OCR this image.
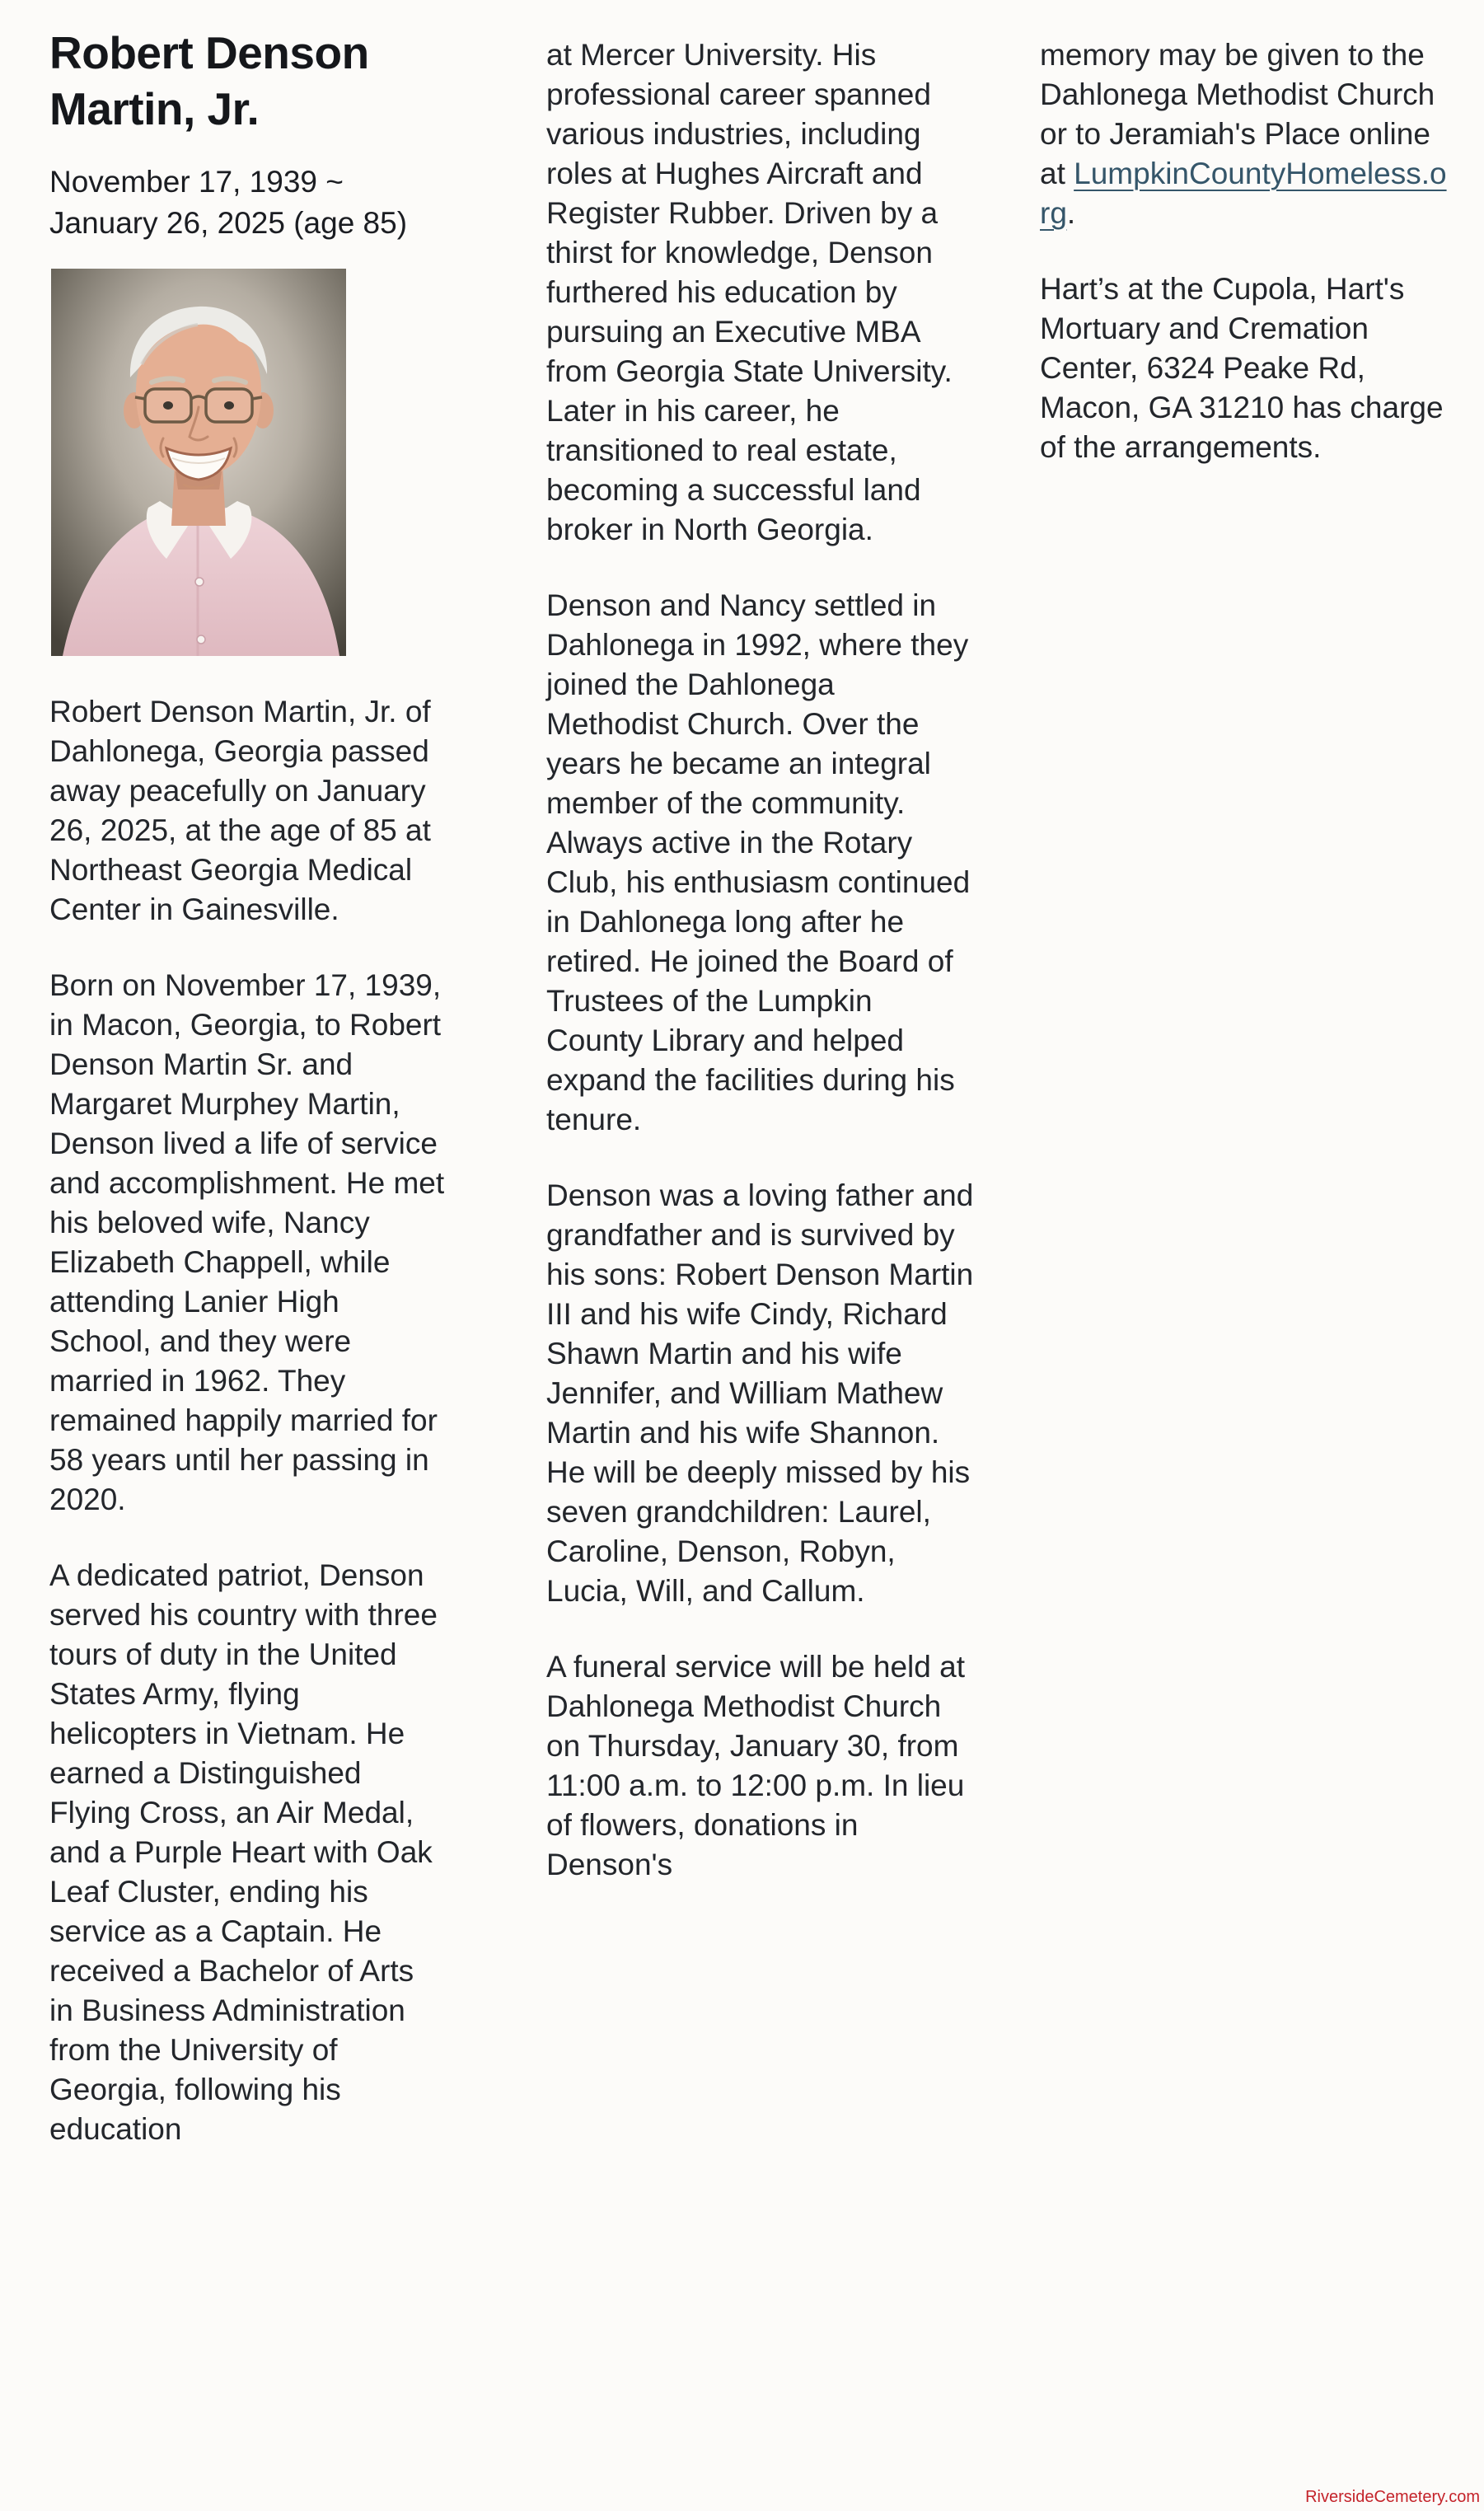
Robert Denson Martin, Jr.
November 17, 1939 ~ January 26, 2025 (age 85)

Robert Denson Martin, Jr. of Dahlonega, Georgia passed away peacefully on January 26, 2025, at the age of 85 at Northeast Georgia Medical Center in Gainesville.

Born on November 17, 1939, in Macon, Georgia, to Robert Denson Martin Sr. and Margaret Murphey Martin, Denson lived a life of service and accomplishment. He met his beloved wife, Nancy Elizabeth Chappell, while attending Lanier High School, and they were married in 1962. They remained happily married for 58 years until her passing in 2020.

A dedicated patriot, Denson served his country with three tours of duty in the United States Army, flying helicopters in Vietnam. He earned a Distinguished Flying Cross, an Air Medal, and a Purple Heart with Oak Leaf Cluster, ending his service as a Captain. He received a Bachelor of Arts in Business Administration from the University of Georgia, following his education

at Mercer University. His professional career spanned various industries, including roles at Hughes Aircraft and Register Rubber. Driven by a thirst for knowledge, Denson furthered his education by pursuing an Executive MBA from Georgia State University. Later in his career, he transitioned to real estate, becoming a successful land broker in North Georgia.

Denson and Nancy settled in Dahlonega in 1992, where they joined the Dahlonega Methodist Church. Over the years he became an integral member of the community. Always active in the Rotary Club, his enthusiasm continued in Dahlonega long after he retired. He joined the Board of Trustees of the Lumpkin County Library and helped expand the facilities during his tenure.

Denson was a loving father and grandfather and is survived by his sons: Robert Denson Martin III and his wife Cindy, Richard Shawn Martin and his wife Jennifer, and William Mathew Martin and his wife Shannon. He will be deeply missed by his seven grandchildren: Laurel, Caroline, Denson, Robyn, Lucia, Will, and Callum.

A funeral service will be held at Dahlonega Methodist Church on Thursday, January 30, from 11:00 a.m. to 12:00 p.m. In lieu of flowers, donations in Denson's

memory may be given to the Dahlonega Methodist Church or to Jeramiah's Place online at LumpkinCountyHomeless.org.

Hart’s at the Cupola, Hart's Mortuary and Cremation Center, 6324 Peake Rd, Macon, GA 31210 has charge of the arrangements.

RiversideCemetery.com
